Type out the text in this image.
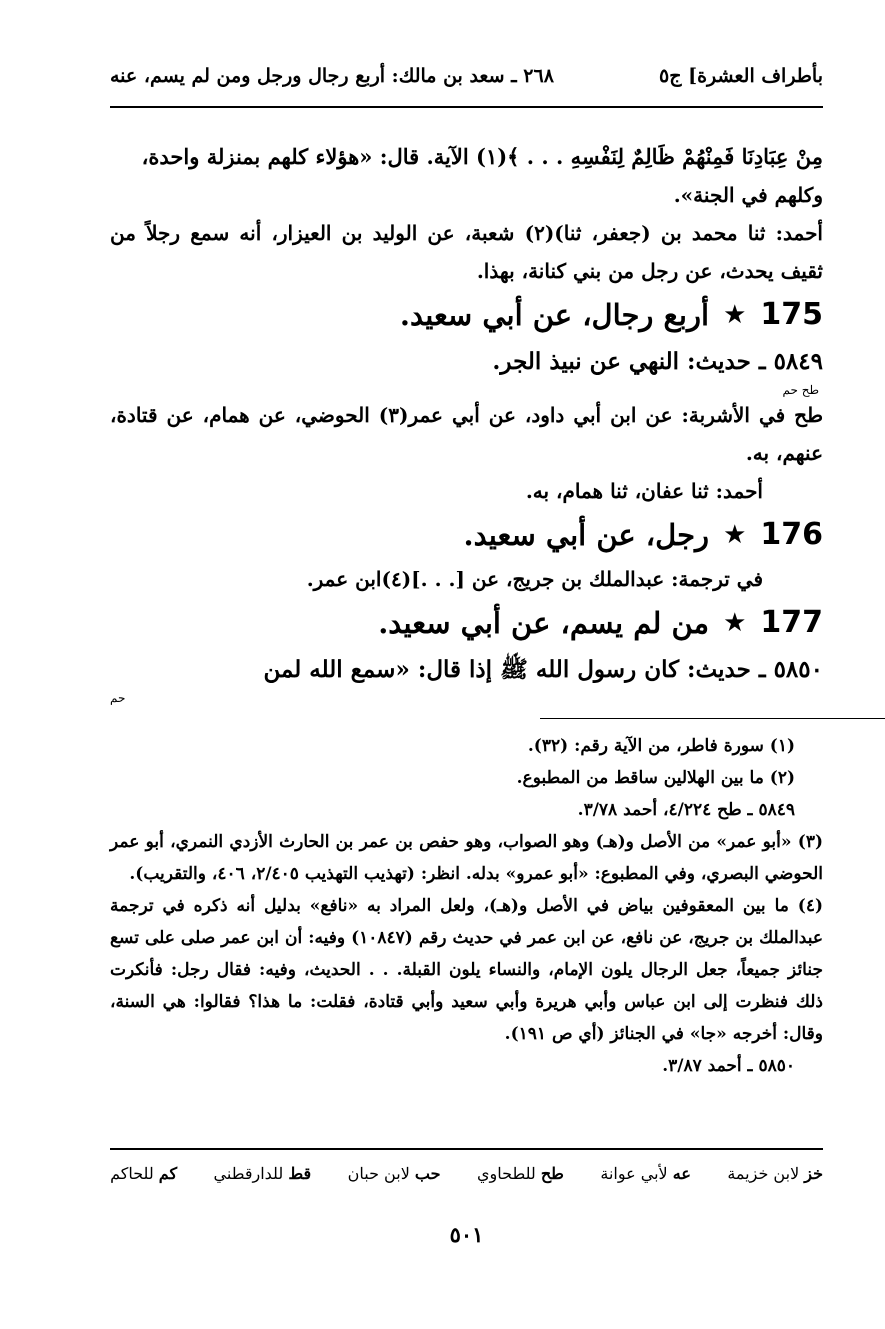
بأطراف العشرة] ج٥
٢٦٨ ـ سعد بن مالك: أربع رجال ورجل ومن لم يسم، عنه

مِنْ عِبَادِنَا فَمِنْهُمْ ظَالِمٌ لِنَفْسِهِ . . . ﴾(١) الآية. قال: «هؤلاء كلهم بمنزلة واحدة،

وكلهم في الجنة».

أحمد: ثنا محمد بن (جعفر، ثنا)(٢) شعبة، عن الوليد بن العيزار، أنه سمع رجلاً من ثقيف يحدث، عن رجل من بني كنانة، بهذا.

175
★
أربع رجال، عن أبي سعيد.

٥٨٤٩ ـ حديث: النهي عن نبيذ الجر.

طح حم

طح في الأشربة: عن ابن أبي داود، عن أبي عمر(٣) الحوضي، عن همام، عن قتادة، عنهم، به.

أحمد: ثنا عفان، ثنا همام، به.

176
★
رجل، عن أبي سعيد.

في ترجمة: عبدالملك بن جريج، عن [. . .](٤)ابن عمر.

177
★
من لم يسم، عن أبي سعيد.

٥٨٥٠ ـ حديث: كان رسول الله ﷺ إذا قال: «سمع الله لمن

حم

(١) سورة فاطر، من الآية رقم: (٣٢).

(٢) ما بين الهلالين ساقط من المطبوع.

٥٨٤٩ ـ طح ٤/٢٢٤، أحمد ٣/٧٨.

(٣) «أبو عمر» من الأصل و(هـ) وهو الصواب، وهو حفص بن عمر بن الحارث الأزدي النمري، أبو عمر الحوضي البصري، وفي المطبوع: «أبو عمرو» بدله. انظر: (تهذيب التهذيب ٢/٤٠٥، ٤٠٦، والتقريب).

(٤) ما بين المعقوفين بياض في الأصل و(هـ)، ولعل المراد به «نافع» بدليل أنه ذكره في ترجمة عبدالملك بن جريج، عن نافع، عن ابن عمر في حديث رقم (١٠٨٤٧) وفيه: أن ابن عمر صلى على تسع جنائز جميعاً، جعل الرجال يلون الإمام، والنساء يلون القبلة. . . الحديث، وفيه: فقال رجل: فأنكرت ذلك فنظرت إلى ابن عباس وأبي هريرة وأبي سعيد وأبي قتادة، فقلت: ما هذا؟ فقالوا: هي السنة، وقال: أخرجه «جا» في الجنائز (أي ص ١٩١).

٥٨٥٠ ـ أحمد ٣/٨٧.

خز لابن خزيمة
عه لأبي عوانة
طح للطحاوي
حب لابن حبان
قط للدارقطني
كم للحاكم
٥٠١
